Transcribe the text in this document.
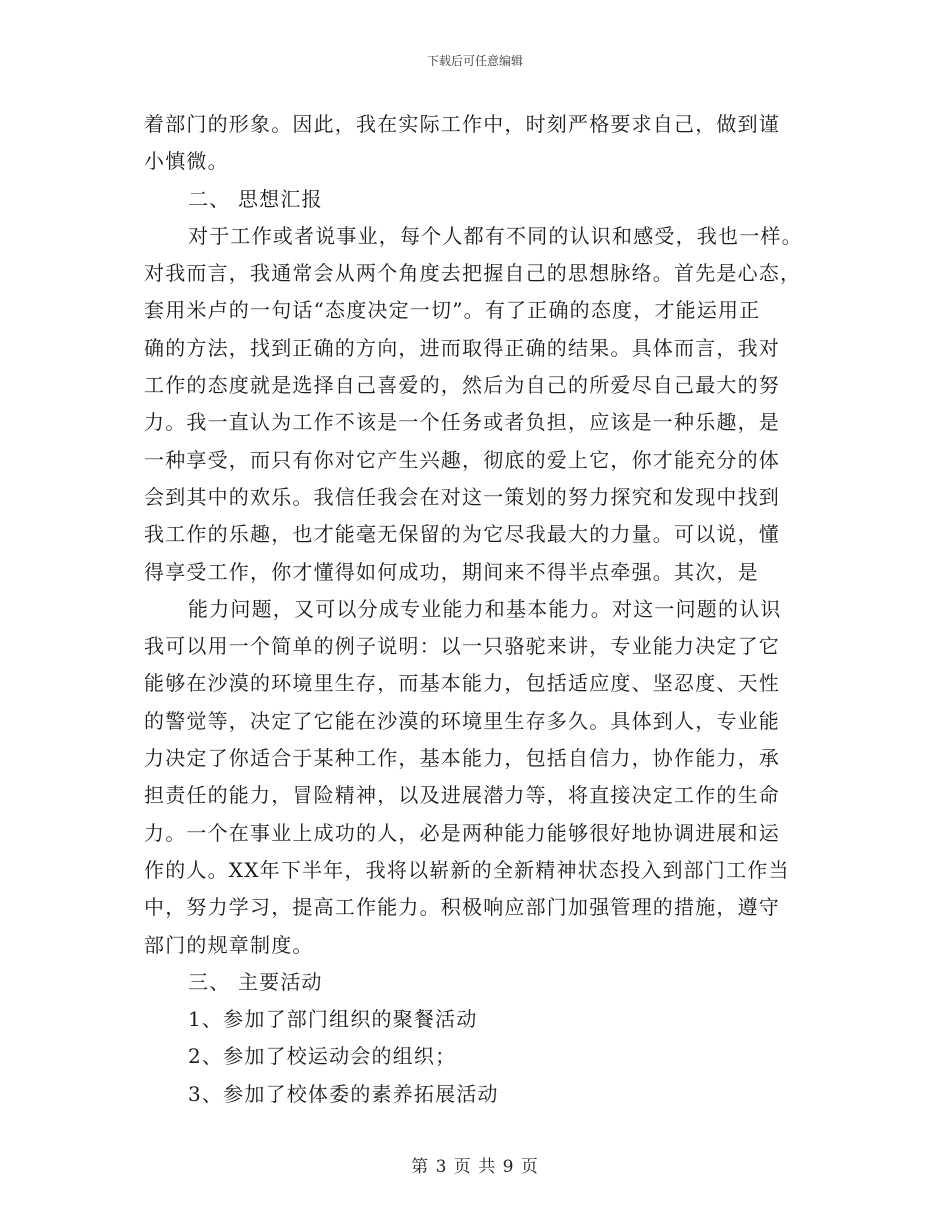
下载后可任意编辑
着部门的形象。因此，我在实际工作中，时刻严格要求自己，做到谨
小慎微。
二、 思想汇报
对于工作或者说事业，每个人都有不同的认识和感受，我也一样。
对我而言，我通常会从两个角度去把握自己的思想脉络。首先是心态，
套用米卢的一句话“态度决定一切”。有了正确的态度，才能运用正
确的方法，找到正确的方向，进而取得正确的结果。具体而言，我对
工作的态度就是选择自己喜爱的，然后为自己的所爱尽自己最大的努
力。我一直认为工作不该是一个任务或者负担，应该是一种乐趣，是
一种享受，而只有你对它产生兴趣，彻底的爱上它，你才能充分的体
会到其中的欢乐。我信任我会在对这一策划的努力探究和发现中找到
我工作的乐趣，也才能毫无保留的为它尽我最大的力量。可以说，懂
得享受工作，你才懂得如何成功，期间来不得半点牵强。其次，是
能力问题，又可以分成专业能力和基本能力。对这一问题的认识
我可以用一个简单的例子说明：以一只骆驼来讲，专业能力决定了它
能够在沙漠的环境里生存，而基本能力，包括适应度、坚忍度、天性
的警觉等，决定了它能在沙漠的环境里生存多久。具体到人，专业能
力决定了你适合于某种工作，基本能力，包括自信力，协作能力，承
担责任的能力，冒险精神，以及进展潜力等，将直接决定工作的生命
力。一个在事业上成功的人，必是两种能力能够很好地协调进展和运
作的人。XX年下半年，我将以崭新的全新精神状态投入到部门工作当
中，努力学习，提高工作能力。积极响应部门加强管理的措施，遵守
部门的规章制度。
三、 主要活动
1、参加了部门组织的聚餐活动
2、参加了校运动会的组织；
3、参加了校体委的素养拓展活动
第 3 页 共 9 页
